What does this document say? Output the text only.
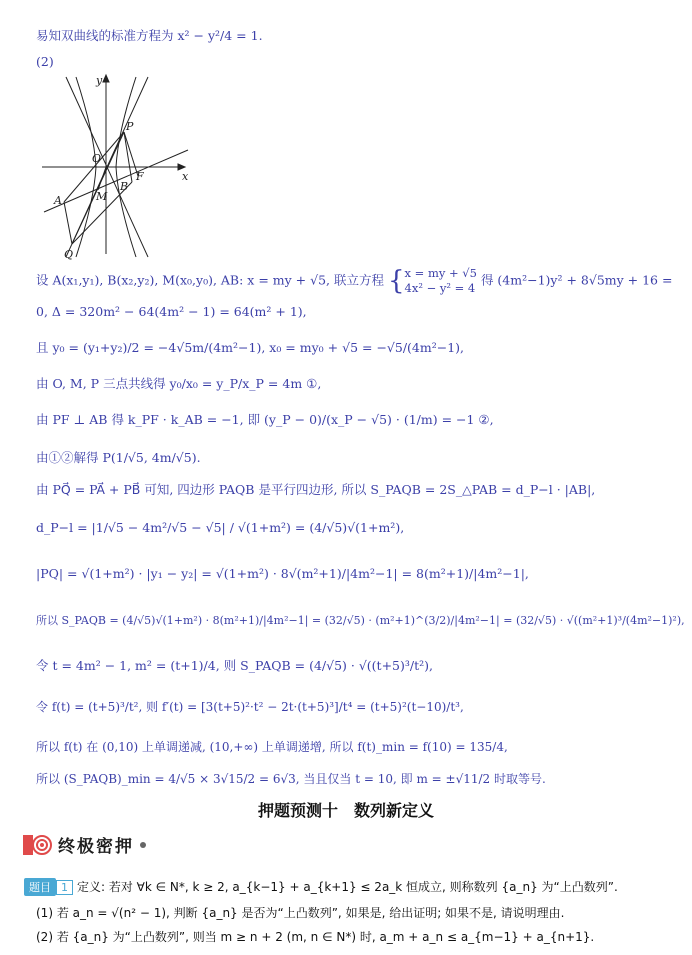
易知双曲线的标准方程为 x² − y²/4 = 1.
(2)
y
x
O
P
A
B
F
M
Q
设 A(x₁,y₁), B(x₂,y₂), M(x₀,y₀), AB: x = my + √5, 联立方程 { x = my + √5
4x² − y² = 4
得 (4m²−1)y² + 8√5my + 16 =
0, Δ = 320m² − 64(4m² − 1) = 64(m² + 1),
且 y₀ = (y₁+y₂)/2 = −4√5m/(4m²−1), x₀ = my₀ + √5 = −√5/(4m²−1),
由 O, M, P 三点共线得 y₀/x₀ = y_P/x_P = 4m ①,
由 PF ⊥ AB 得 k_PF · k_AB = −1, 即 (y_P − 0)/(x_P − √5) · (1/m) = −1 ②,
由①②解得 P(1/√5, 4m/√5).
由 PQ⃗ = PA⃗ + PB⃗ 可知, 四边形 PAQB 是平行四边形, 所以 S_PAQB = 2S_△PAB = d_P−l · |AB|,
d_P−l = |1/√5 − 4m²/√5 − √5| / √(1+m²) = (4/√5)√(1+m²),
|PQ| = √(1+m²) · |y₁ − y₂| = √(1+m²) · 8√(m²+1)/|4m²−1| = 8(m²+1)/|4m²−1|,
所以 S_PAQB = (4/√5)√(1+m²) · 8(m²+1)/|4m²−1| = (32/√5) · (m²+1)^(3/2)/|4m²−1| = (32/√5) · √((m²+1)³/(4m²−1)²),
令 t = 4m² − 1, m² = (t+1)/4, 则 S_PAQB = (4/√5) · √((t+5)³/t²),
令 f(t) = (t+5)³/t², 则 f′(t) = [3(t+5)²·t² − 2t·(t+5)³]/t⁴ = (t+5)²(t−10)/t³,
所以 f(t) 在 (0,10) 上单调递减, (10,+∞) 上单调递增, 所以 f(t)_min = f(10) = 135/4,
所以 (S_PAQB)_min = 4/√5 × 3√15/2 = 6√3, 当且仅当 t = 10, 即 m = ±√11/2 时取等号.
押题预测十　数列新定义
终极密押
题目 1 定义: 若对 ∀k ∈ N*, k ≥ 2, a_{k−1} + a_{k+1} ≤ 2a_k 恒成立, 则称数列 {a_n} 为“上凸数列”.
(1) 若 a_n = √(n² − 1), 判断 {a_n} 是否为“上凸数列”, 如果是, 给出证明; 如果不是, 请说明理由.
(2) 若 {a_n} 为“上凸数列”, 则当 m ≥ n + 2 (m, n ∈ N*) 时, a_m + a_n ≤ a_{m−1} + a_{n+1}.
